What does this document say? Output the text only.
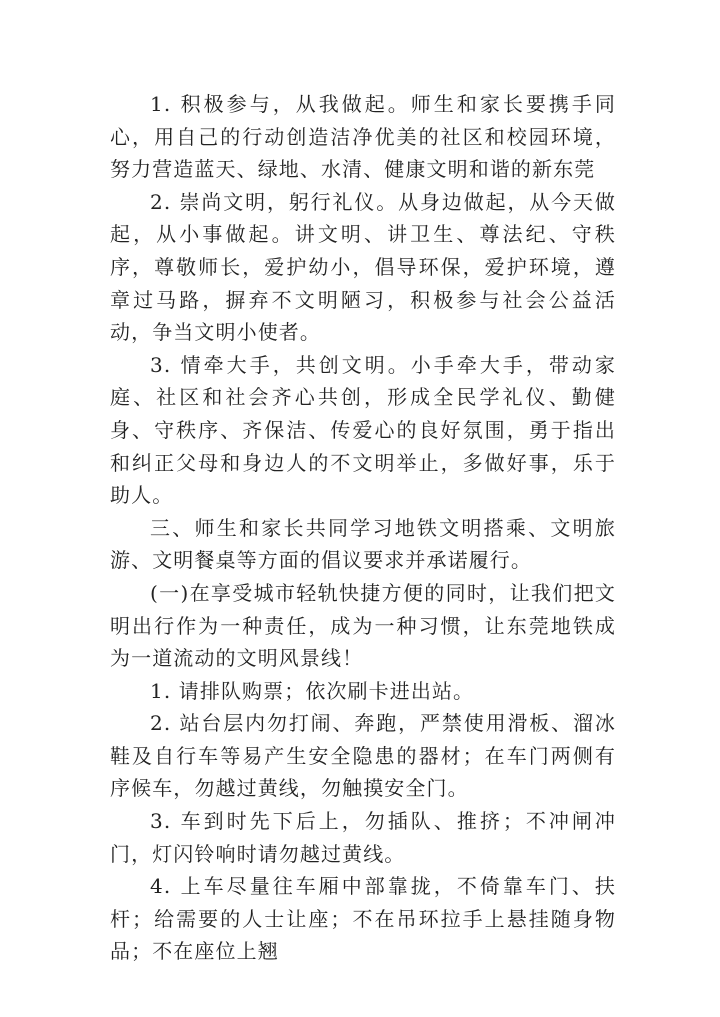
1. 积极参与，从我做起。师生和家长要携手同心，用自己的行动创造洁净优美的社区和校园环境，努力营造蓝天、绿地、水清、健康文明和谐的新东莞

2. 崇尚文明，躬行礼仪。从身边做起，从今天做起，从小事做起。讲文明、讲卫生、尊法纪、守秩序，尊敬师长，爱护幼小，倡导环保，爱护环境，遵章过马路，摒弃不文明陋习，积极参与社会公益活动，争当文明小使者。

3. 情牵大手，共创文明。小手牵大手，带动家庭、社区和社会齐心共创，形成全民学礼仪、勤健身、守秩序、齐保洁、传爱心的良好氛围，勇于指出和纠正父母和身边人的不文明举止，多做好事，乐于助人。

三、师生和家长共同学习地铁文明搭乘、文明旅游、文明餐桌等方面的倡议要求并承诺履行。

(一)在享受城市轻轨快捷方便的同时，让我们把文明出行作为一种责任，成为一种习惯，让东莞地铁成为一道流动的文明风景线！

1. 请排队购票；依次刷卡进出站。

2. 站台层内勿打闹、奔跑，严禁使用滑板、溜冰鞋及自行车等易产生安全隐患的器材；在车门两侧有序候车，勿越过黄线，勿触摸安全门。

3. 车到时先下后上，勿插队、推挤；不冲闸冲门，灯闪铃响时请勿越过黄线。

4. 上车尽量往车厢中部靠拢，不倚靠车门、扶杆；给需要的人士让座；不在吊环拉手上悬挂随身物品；不在座位上翘
